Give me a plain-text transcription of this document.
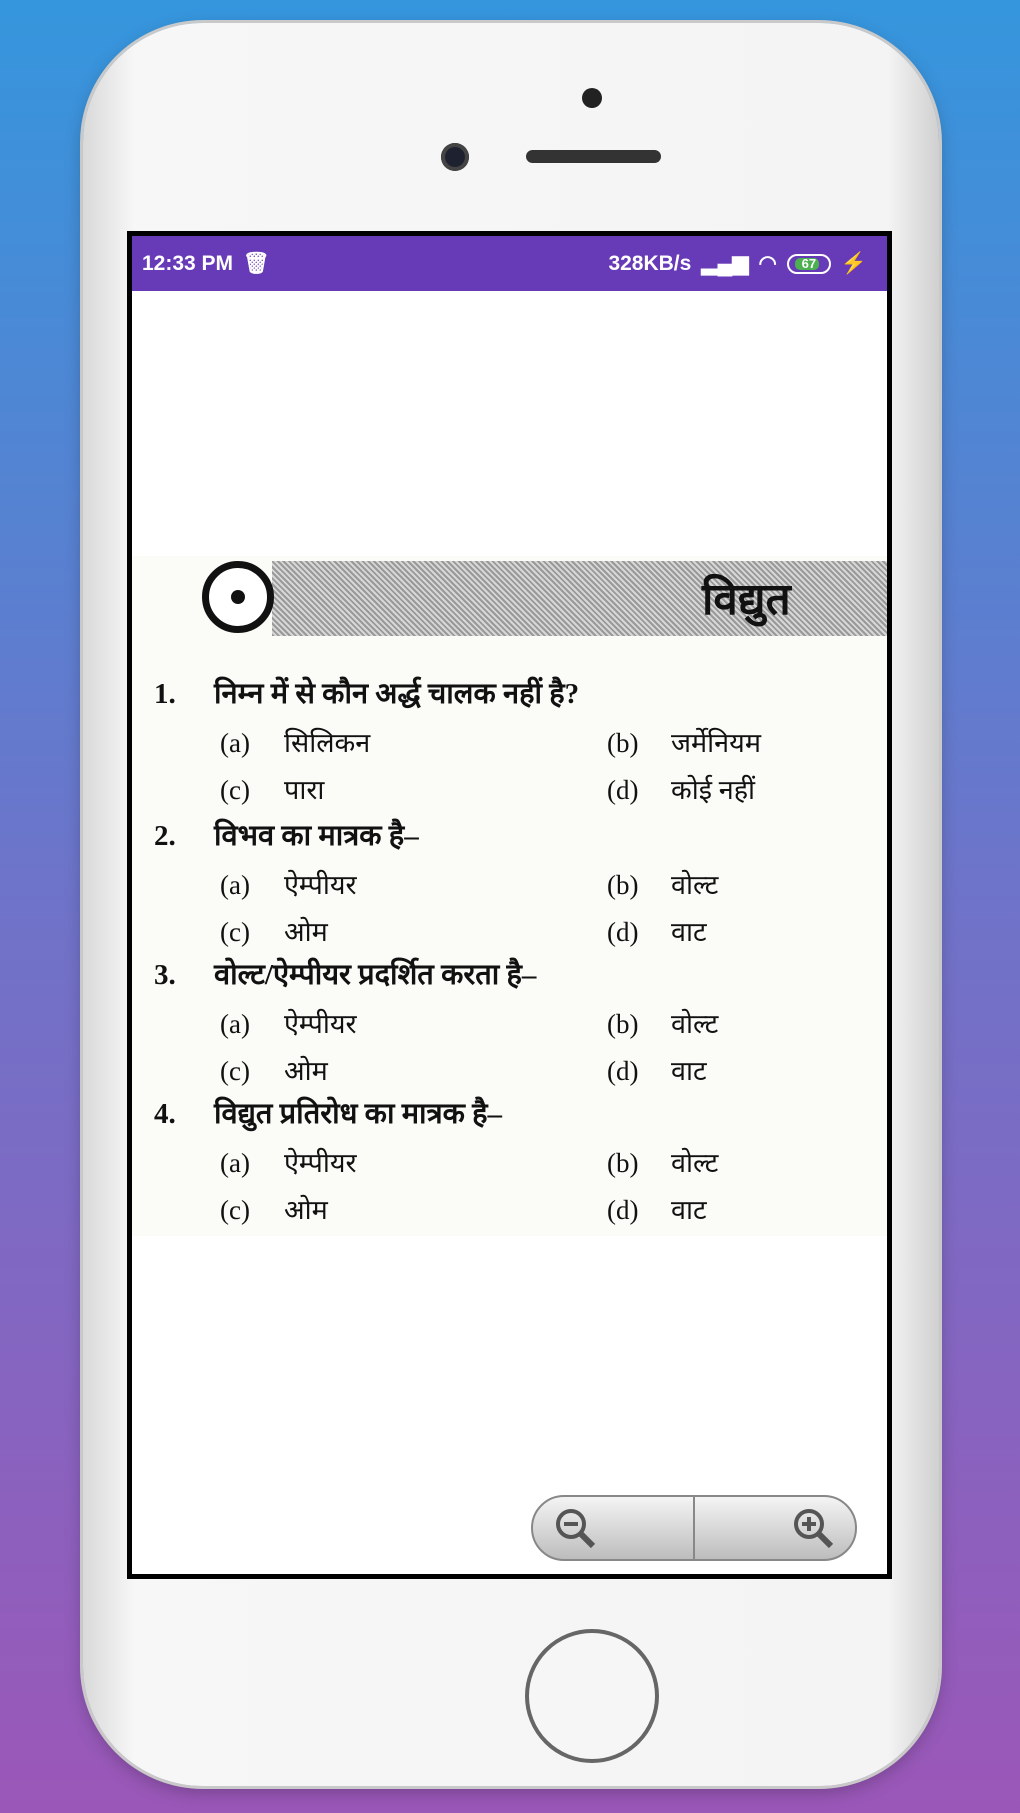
12:33 PM 🗑	328KB/s ▂▄▆ ◠	67	⚡
विद्युत
1. निम्न में से कौन अर्द्ध चालक नहीं है?
(a) सिलिकन	(b) जर्मेनियम
(c) पारा	(d) कोई नहीं
2. विभव का मात्रक है–
(a) ऐम्पीयर	(b) वोल्ट
(c) ओम	(d) वाट
3. वोल्ट/ऐम्पीयर प्रदर्शित करता है–
(a) ऐम्पीयर	(b) वोल्ट
(c) ओम	(d) वाट
4. विद्युत प्रतिरोध का मात्रक है–
(a) ऐम्पीयर	(b) वोल्ट
(c) ओम	(d) वाट
